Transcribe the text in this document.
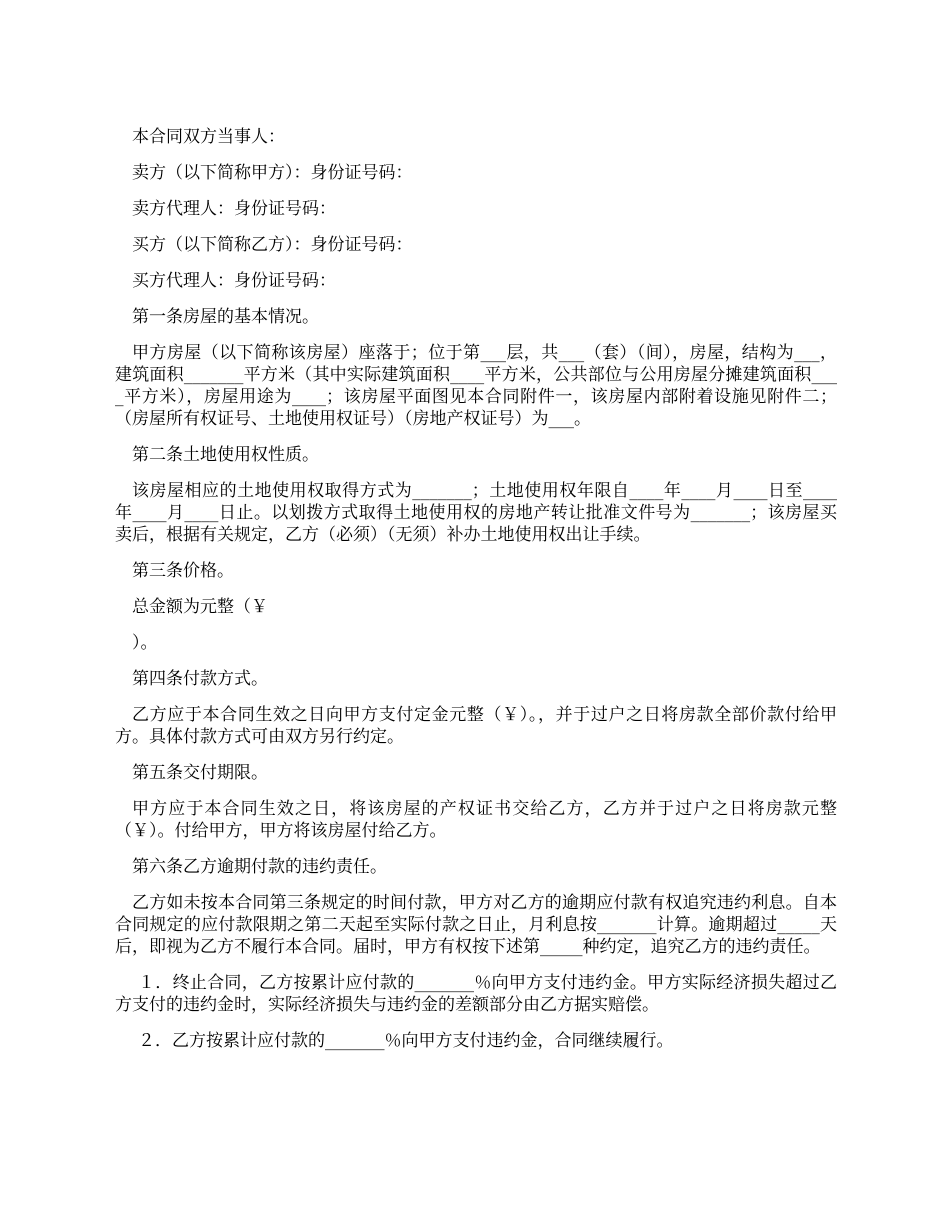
本合同双方当事人：

卖方（以下简称甲方）：身份证号码：

卖方代理人：身份证号码：

买方（以下简称乙方）：身份证号码：

买方代理人：身份证号码：

第一条房屋的基本情况。

甲方房屋（以下简称该房屋）座落于；位于第___层，共___（套）（间），房屋，结构为___，建筑面积_______平方米（其中实际建筑面积____平方米，公共部位与公用房屋分摊建筑面积____平方米），房屋用途为____；该房屋平面图见本合同附件一，该房屋内部附着设施见附件二；（房屋所有权证号、土地使用权证号）（房地产权证号）为___。

第二条土地使用权性质。

该房屋相应的土地使用权取得方式为_______；土地使用权年限自____年____月____日至____年____月____日止。以划拨方式取得土地使用权的房地产转让批准文件号为_______；该房屋买卖后，根据有关规定，乙方（必须）（无须）补办土地使用权出让手续。

第三条价格。

总金额为元整（￥

）。

第四条付款方式。

乙方应于本合同生效之日向甲方支付定金元整（￥）。，并于过户之日将房款全部价款付给甲方。具体付款方式可由双方另行约定。

第五条交付期限。

甲方应于本合同生效之日，将该房屋的产权证书交给乙方，乙方并于过户之日将房款元整（￥）。付给甲方，甲方将该房屋付给乙方。

第六条乙方逾期付款的违约责任。

乙方如未按本合同第三条规定的时间付款，甲方对乙方的逾期应付款有权追究违约利息。自本合同规定的应付款限期之第二天起至实际付款之日止，月利息按_______计算。逾期超过_____天后，即视为乙方不履行本合同。届时，甲方有权按下述第_____种约定，追究乙方的违约责任。

１．终止合同，乙方按累计应付款的_______％向甲方支付违约金。甲方实际经济损失超过乙方支付的违约金时，实际经济损失与违约金的差额部分由乙方据实赔偿。

２．乙方按累计应付款的_______％向甲方支付违约金，合同继续履行。
